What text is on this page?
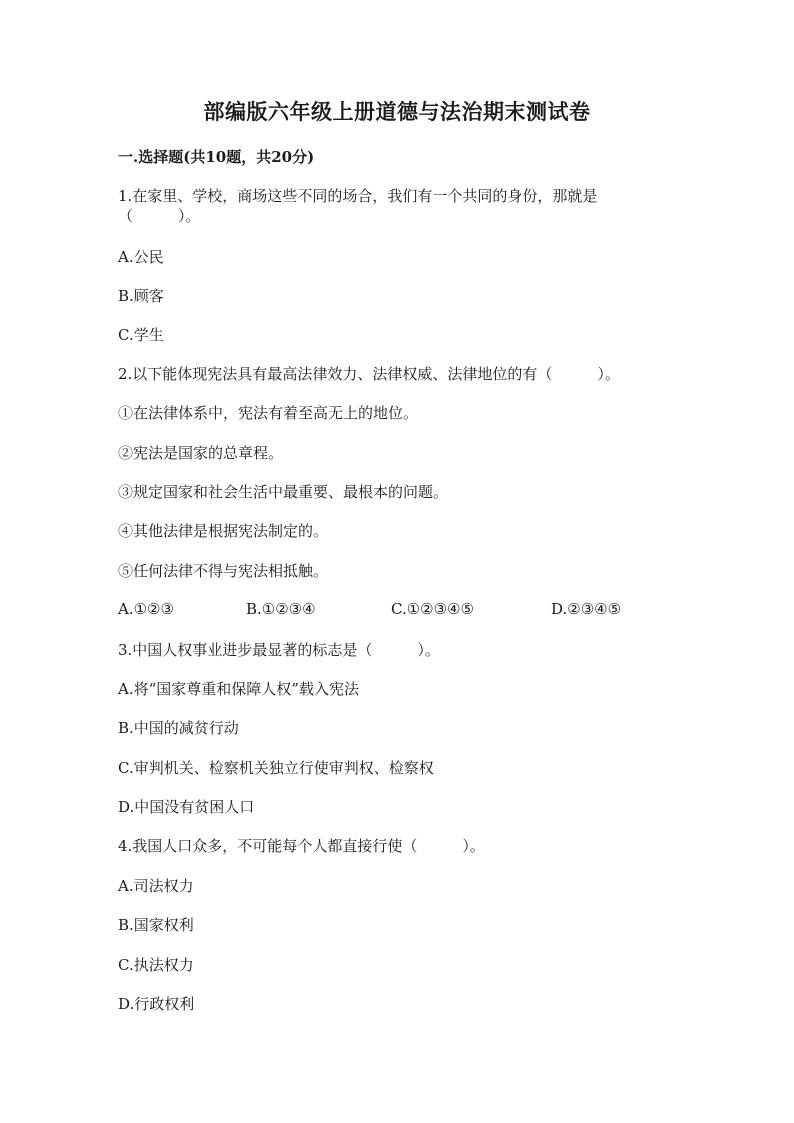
部编版六年级上册道德与法治期末测试卷
一.选择题(共10题，共20分)
1.在家里、学校，商场这些不同的场合，我们有一个共同的身份，那就是
（　　　）。
A.公民
B.顾客
C.学生
2.以下能体现宪法具有最高法律效力、法律权威、法律地位的有（　　　）。
①在法律体系中，宪法有着至高无上的地位。
②宪法是国家的总章程。
③规定国家和社会生活中最重要、最根本的问题。
④其他法律是根据宪法制定的。
⑤任何法律不得与宪法相抵触。
A.①②③	B.①②③④	C.①②③④⑤	D.②③④⑤
3.中国人权事业进步最显著的标志是（　　　）。
A.将“国家尊重和保障人权”载入宪法
B.中国的减贫行动
C.审判机关、检察机关独立行使审判权、检察权
D.中国没有贫困人口
4.我国人口众多，不可能每个人都直接行使（　　　）。
A.司法权力
B.国家权利
C.执法权力
D.行政权利
